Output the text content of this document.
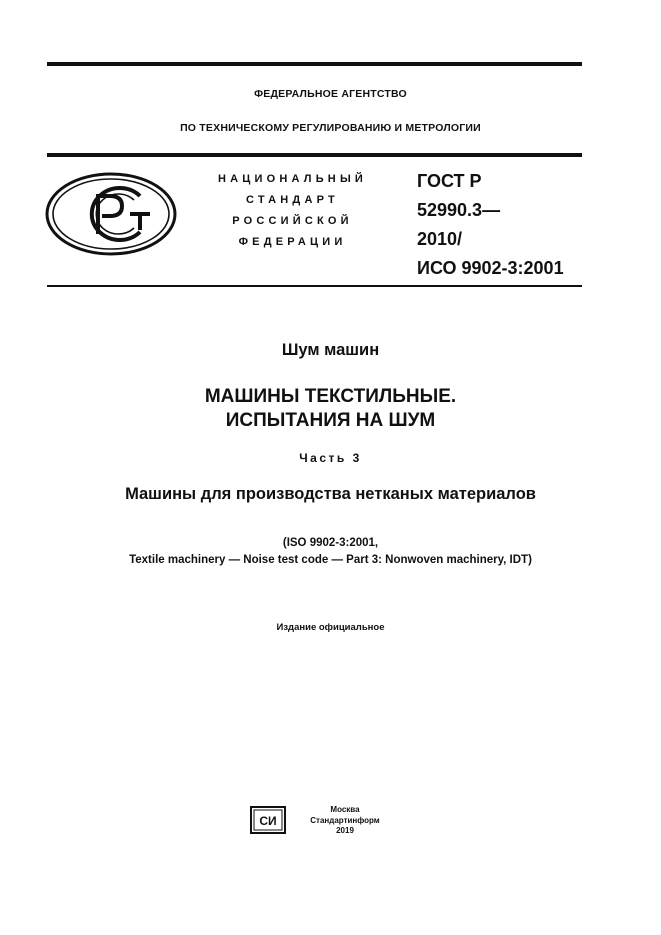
ФЕДЕРАЛЬНОЕ АГЕНТСТВО
ПО ТЕХНИЧЕСКОМУ РЕГУЛИРОВАНИЮ И МЕТРОЛОГИИ
НАЦИОНАЛЬНЫЙ
СТАНДАРТ
РОССИЙСКОЙ
ФЕДЕРАЦИИ
ГОСТ Р
52990.3—
2010/
ИСО 9902-3:2001
Шум машин
МАШИНЫ ТЕКСТИЛЬНЫЕ.
ИСПЫТАНИЯ НА ШУМ
Часть 3
Машины для производства нетканых материалов
(ISO 9902-3:2001,
Textile machinery — Noise test code — Part 3: Nonwoven machinery, IDT)
Издание официальное
СИ
Москва
Стандартинформ
2019
